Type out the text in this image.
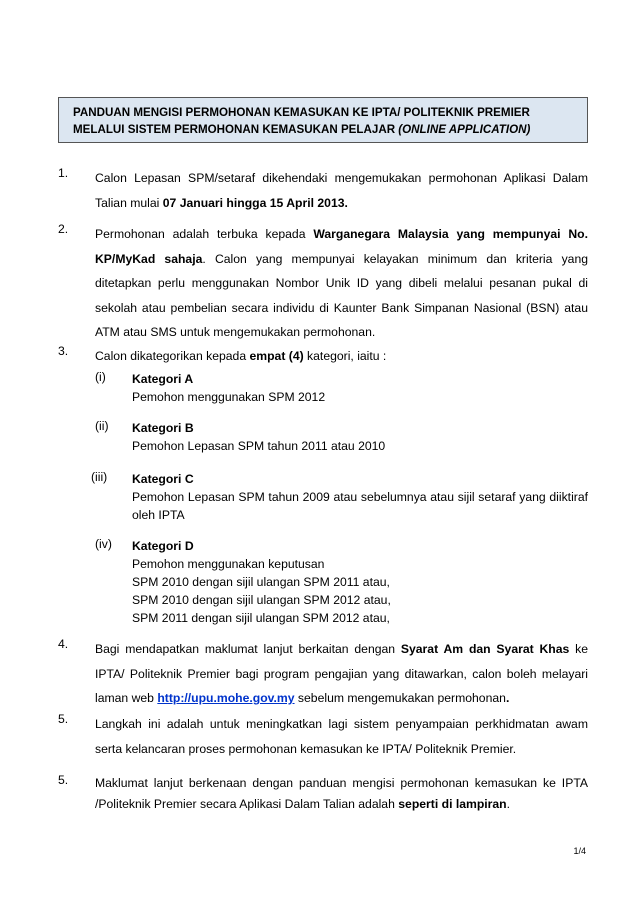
PANDUAN MENGISI PERMOHONAN KEMASUKAN KE IPTA/ POLITEKNIK PREMIER
MELALUI SISTEM PERMOHONAN KEMASUKAN PELAJAR (ONLINE APPLICATION)
1. Calon Lepasan SPM/setaraf dikehendaki mengemukakan permohonan Aplikasi Dalam Talian mulai 07 Januari hingga 15 April 2013.
2. Permohonan adalah terbuka kepada Warganegara Malaysia yang mempunyai No. KP/MyKad sahaja. Calon yang mempunyai kelayakan minimum dan kriteria yang ditetapkan perlu menggunakan Nombor Unik ID yang dibeli melalui pesanan pukal di sekolah atau pembelian secara individu di Kaunter Bank Simpanan Nasional (BSN) atau ATM atau SMS untuk mengemukakan permohonan.
3. Calon dikategorikan kepada empat (4) kategori, iaitu :
(i) Kategori A
Pemohon menggunakan SPM 2012
(ii) Kategori B
Pemohon Lepasan SPM tahun 2011 atau 2010
(iii) Kategori C
Pemohon Lepasan SPM tahun 2009 atau sebelumnya atau sijil setaraf yang diiktiraf oleh IPTA
(iv) Kategori D
Pemohon menggunakan keputusan
SPM 2010 dengan sijil ulangan SPM 2011 atau,
SPM 2010 dengan sijil ulangan SPM 2012 atau,
SPM 2011 dengan sijil ulangan SPM 2012 atau,
4. Bagi mendapatkan maklumat lanjut berkaitan dengan Syarat Am dan Syarat Khas ke IPTA/ Politeknik Premier bagi program pengajian yang ditawarkan, calon boleh melayari laman web http://upu.mohe.gov.my sebelum mengemukakan permohonan.
5. Langkah ini adalah untuk meningkatkan lagi sistem penyampaian perkhidmatan awam serta kelancaran proses permohonan kemasukan ke IPTA/ Politeknik Premier.
5. Maklumat lanjut berkenaan dengan panduan mengisi permohonan kemasukan ke IPTA /Politeknik Premier secara Aplikasi Dalam Talian adalah seperti di lampiran.
1/4
